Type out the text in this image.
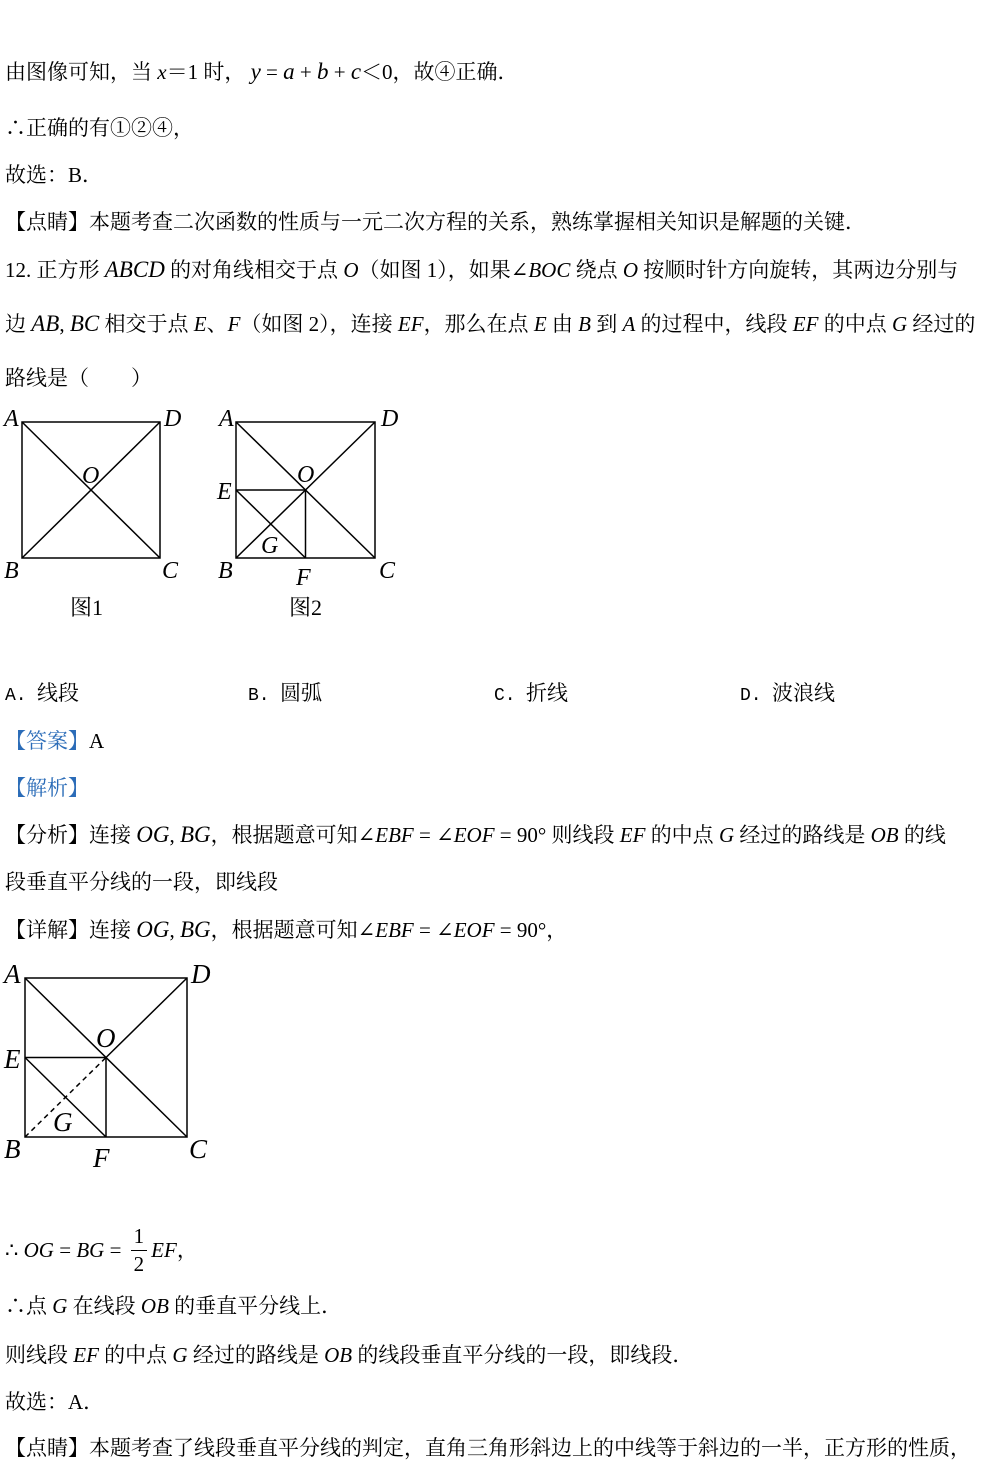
由图像可知，当 x ＝1 时， y = a + b + c ＜0，故④正确．
∴正确的有①②④，
故选：B．
【点睛】 本题考查二次函数的性质与一元二次方程的关系，熟练掌握相关知识是解题的关键．
12. 正方形 ABCD 的对角线相交于点 O （如图 1），如果 ∠ BOC 绕点 O 按顺时针方向旋转，其两边分别与
边 AB , BC 相交于点 E 、 F （如图 2），连接 EF ，那么在点 E 由 B 到 A 的过程中，线段 EF 的中点 G 经过的
路线是（　　）
A	D
O
B	C
图1
A	D
O
E
G
B	F	C
图2
A. 线段	B. 圆弧	C. 折线	D. 波浪线
【答案】 A
【解析】
【分析】连接 OG , BG ，根据题意可知 ∠ EBF = ∠ EOF = 90° 则线段 EF 的中点 G 经过的路线是 OB 的线
段垂直平分线的一段，即线段
【详解】连接 OG , BG ，根据题意可知 ∠ EBF = ∠ EOF = 90° ，
A	D
E
O
G
B	F	C
∴ OG = BG = $\frac{1}{2}$ EF ，
∴点 G 在线段 OB 的垂直平分线上．
则线段 EF 的中点 G 经过的路线是 OB 的线段垂直平分线的一段，即线段．
故选：A．
【点睛】 本题考查了线段垂直平分线的判定，直角三角形斜边上的中线等于斜边的一半，正方形的性质，
